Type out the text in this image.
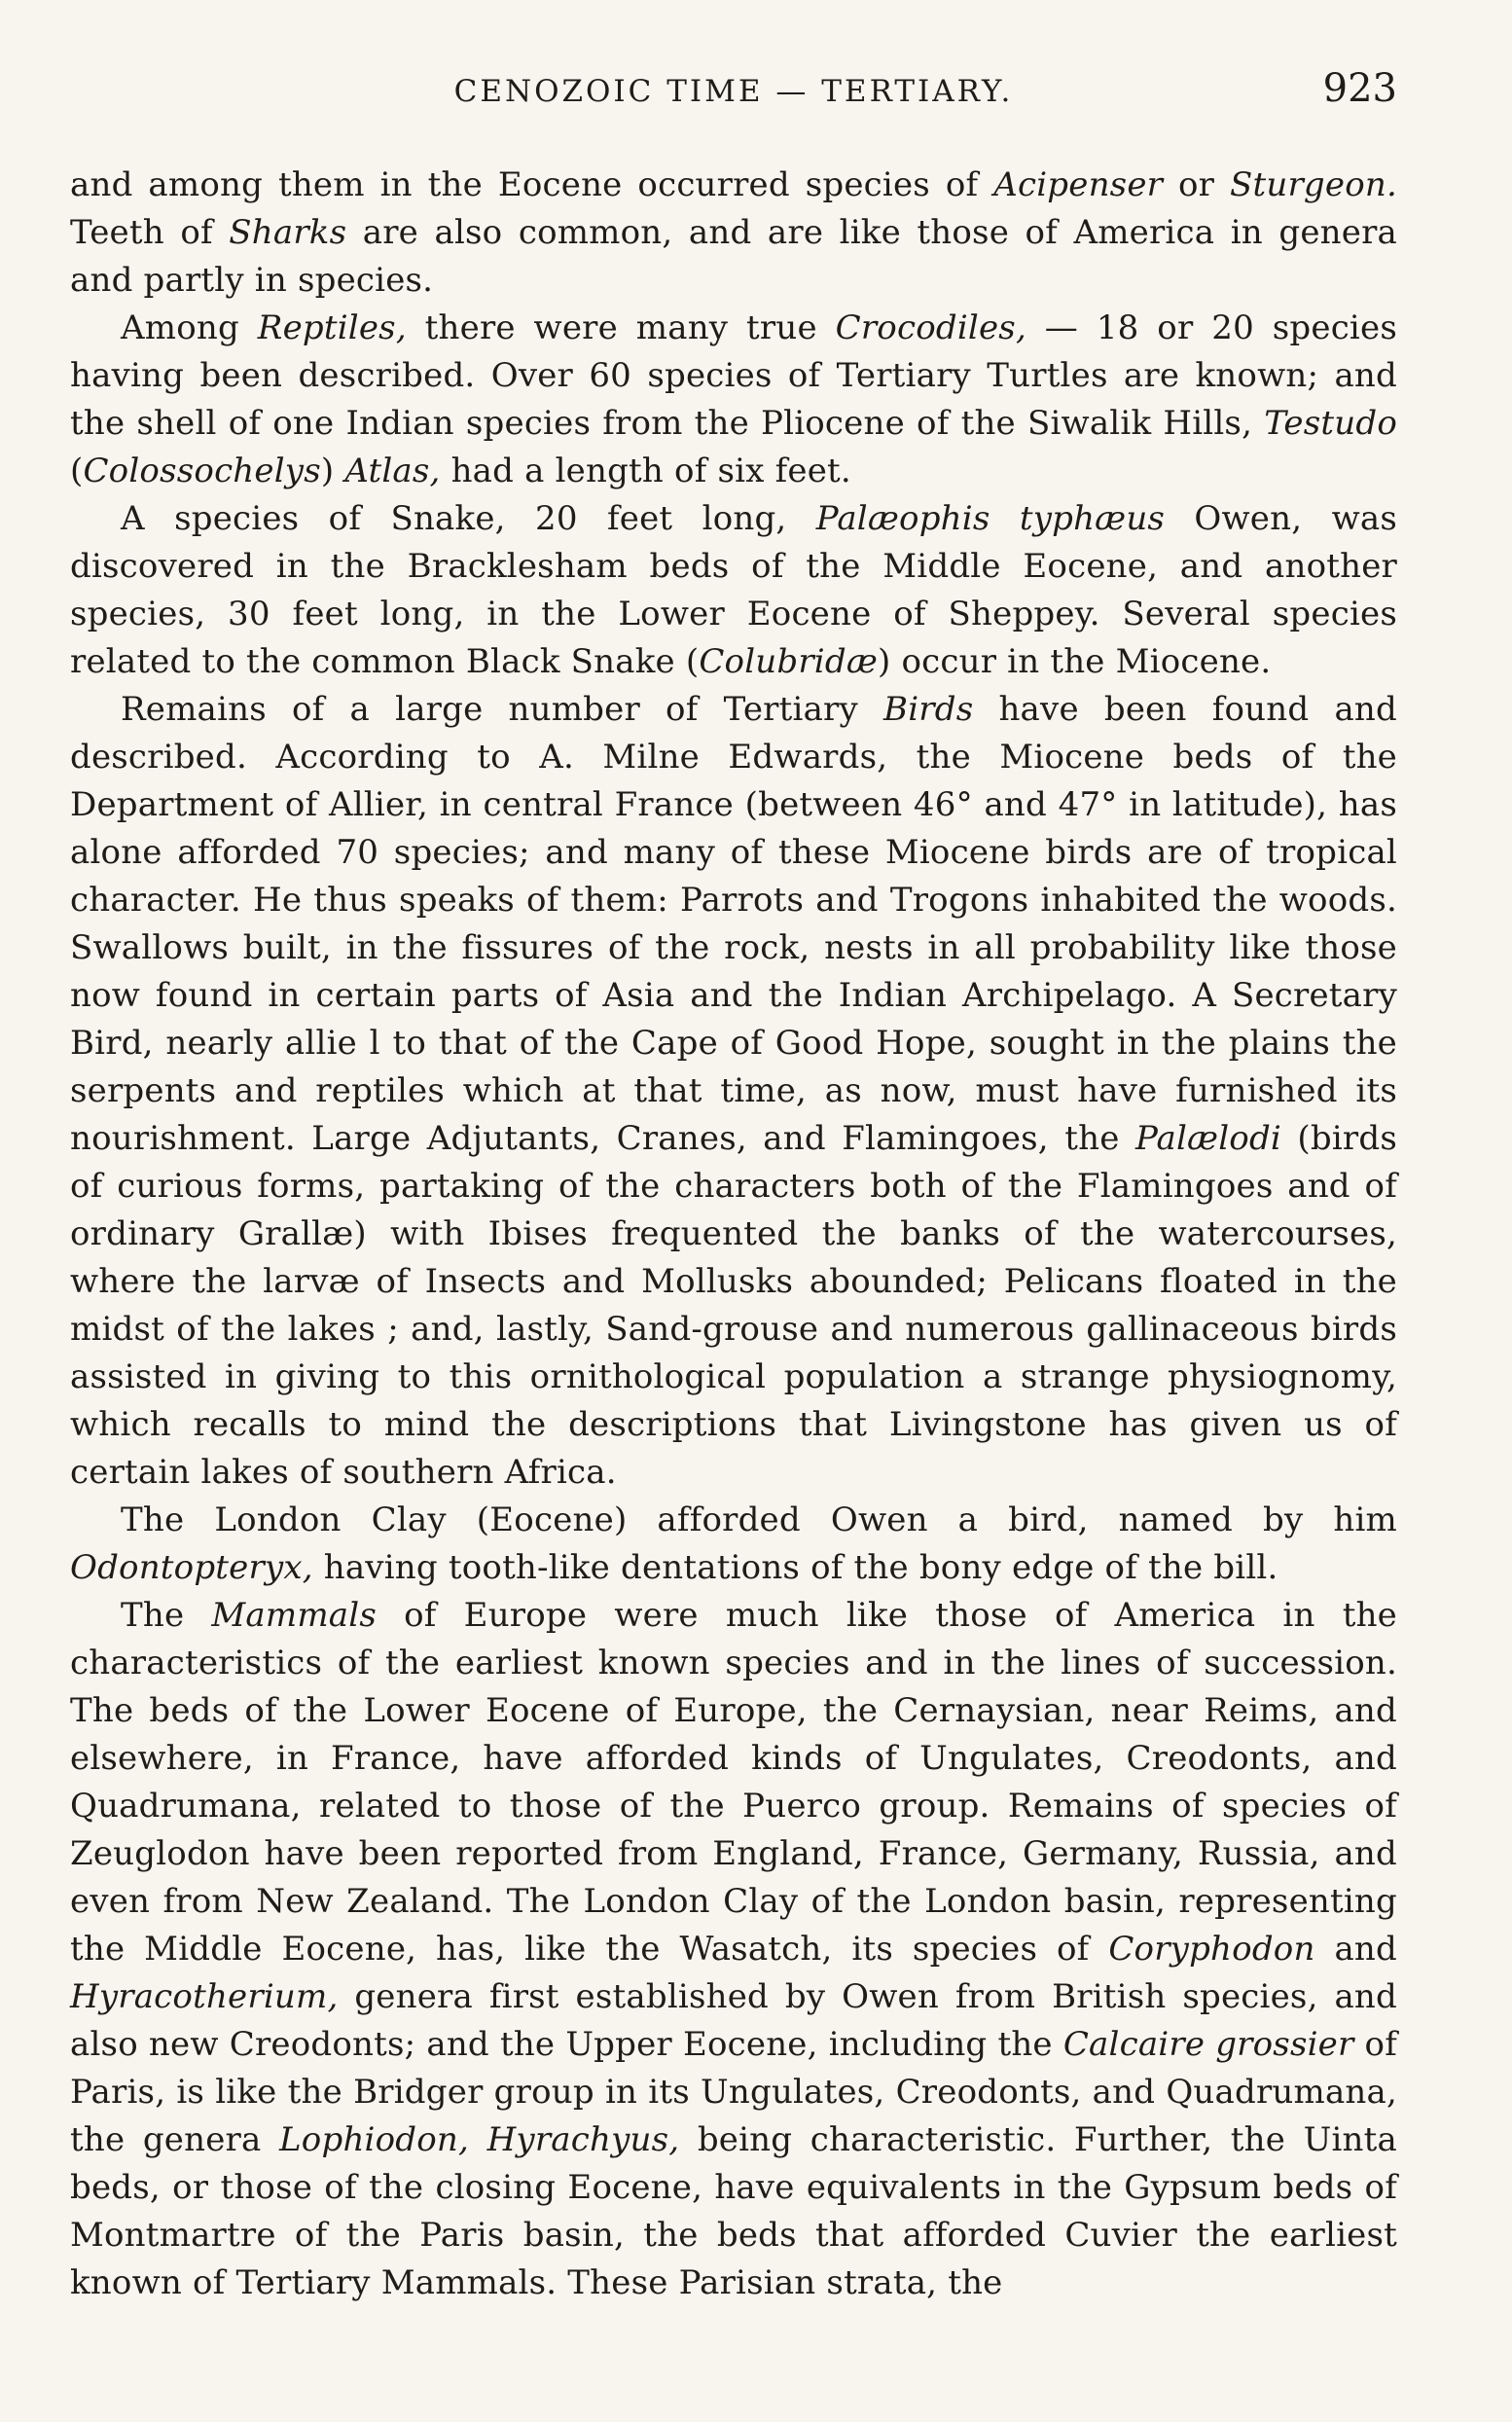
CENOZOIC TIME — TERTIARY.	923

and among them in the Eocene occurred species of Acipenser or Sturgeon. Teeth of Sharks are also common, and are like those of America in genera and partly in species.

Among Reptiles, there were many true Crocodiles, — 18 or 20 species having been described. Over 60 species of Tertiary Turtles are known; and the shell of one Indian species from the Pliocene of the Siwalik Hills, Testudo (Colossochelys) Atlas, had a length of six feet.

A species of Snake, 20 feet long, Palæophis typhæus Owen, was discovered in the Bracklesham beds of the Middle Eocene, and another species, 30 feet long, in the Lower Eocene of Sheppey. Several species related to the common Black Snake (Colubridæ) occur in the Miocene.

Remains of a large number of Tertiary Birds have been found and described. According to A. Milne Edwards, the Miocene beds of the Department of Allier, in central France (between 46° and 47° in latitude), has alone afforded 70 species; and many of these Miocene birds are of tropical character. He thus speaks of them: Parrots and Trogons inhabited the woods. Swallows built, in the fissures of the rock, nests in all probability like those now found in certain parts of Asia and the Indian Archipelago. A Secretary Bird, nearly allie l to that of the Cape of Good Hope, sought in the plains the serpents and reptiles which at that time, as now, must have furnished its nourishment. Large Adjutants, Cranes, and Flamingoes, the Palælodi (birds of curious forms, partaking of the characters both of the Flamingoes and of ordinary Grallæ) with Ibises frequented the banks of the watercourses, where the larvæ of Insects and Mollusks abounded; Pelicans floated in the midst of the lakes ; and, lastly, Sand-grouse and numerous gallinaceous birds assisted in giving to this ornithological population a strange physiognomy, which recalls to mind the descriptions that Livingstone has given us of certain lakes of southern Africa.

The London Clay (Eocene) afforded Owen a bird, named by him Odontopteryx, having tooth-like dentations of the bony edge of the bill.

The Mammals of Europe were much like those of America in the characteristics of the earliest known species and in the lines of succession. The beds of the Lower Eocene of Europe, the Cernaysian, near Reims, and elsewhere, in France, have afforded kinds of Ungulates, Creodonts, and Quadrumana, related to those of the Puerco group. Remains of species of Zeuglodon have been reported from England, France, Germany, Russia, and even from New Zealand. The London Clay of the London basin, representing the Middle Eocene, has, like the Wasatch, its species of Coryphodon and Hyracotherium, genera first established by Owen from British species, and also new Creodonts; and the Upper Eocene, including the Calcaire grossier of Paris, is like the Bridger group in its Ungulates, Creodonts, and Quadrumana, the genera Lophiodon, Hyrachyus, being characteristic. Further, the Uinta beds, or those of the closing Eocene, have equivalents in the Gypsum beds of Montmartre of the Paris basin, the beds that afforded Cuvier the earliest known of Tertiary Mammals. These Parisian strata, the
